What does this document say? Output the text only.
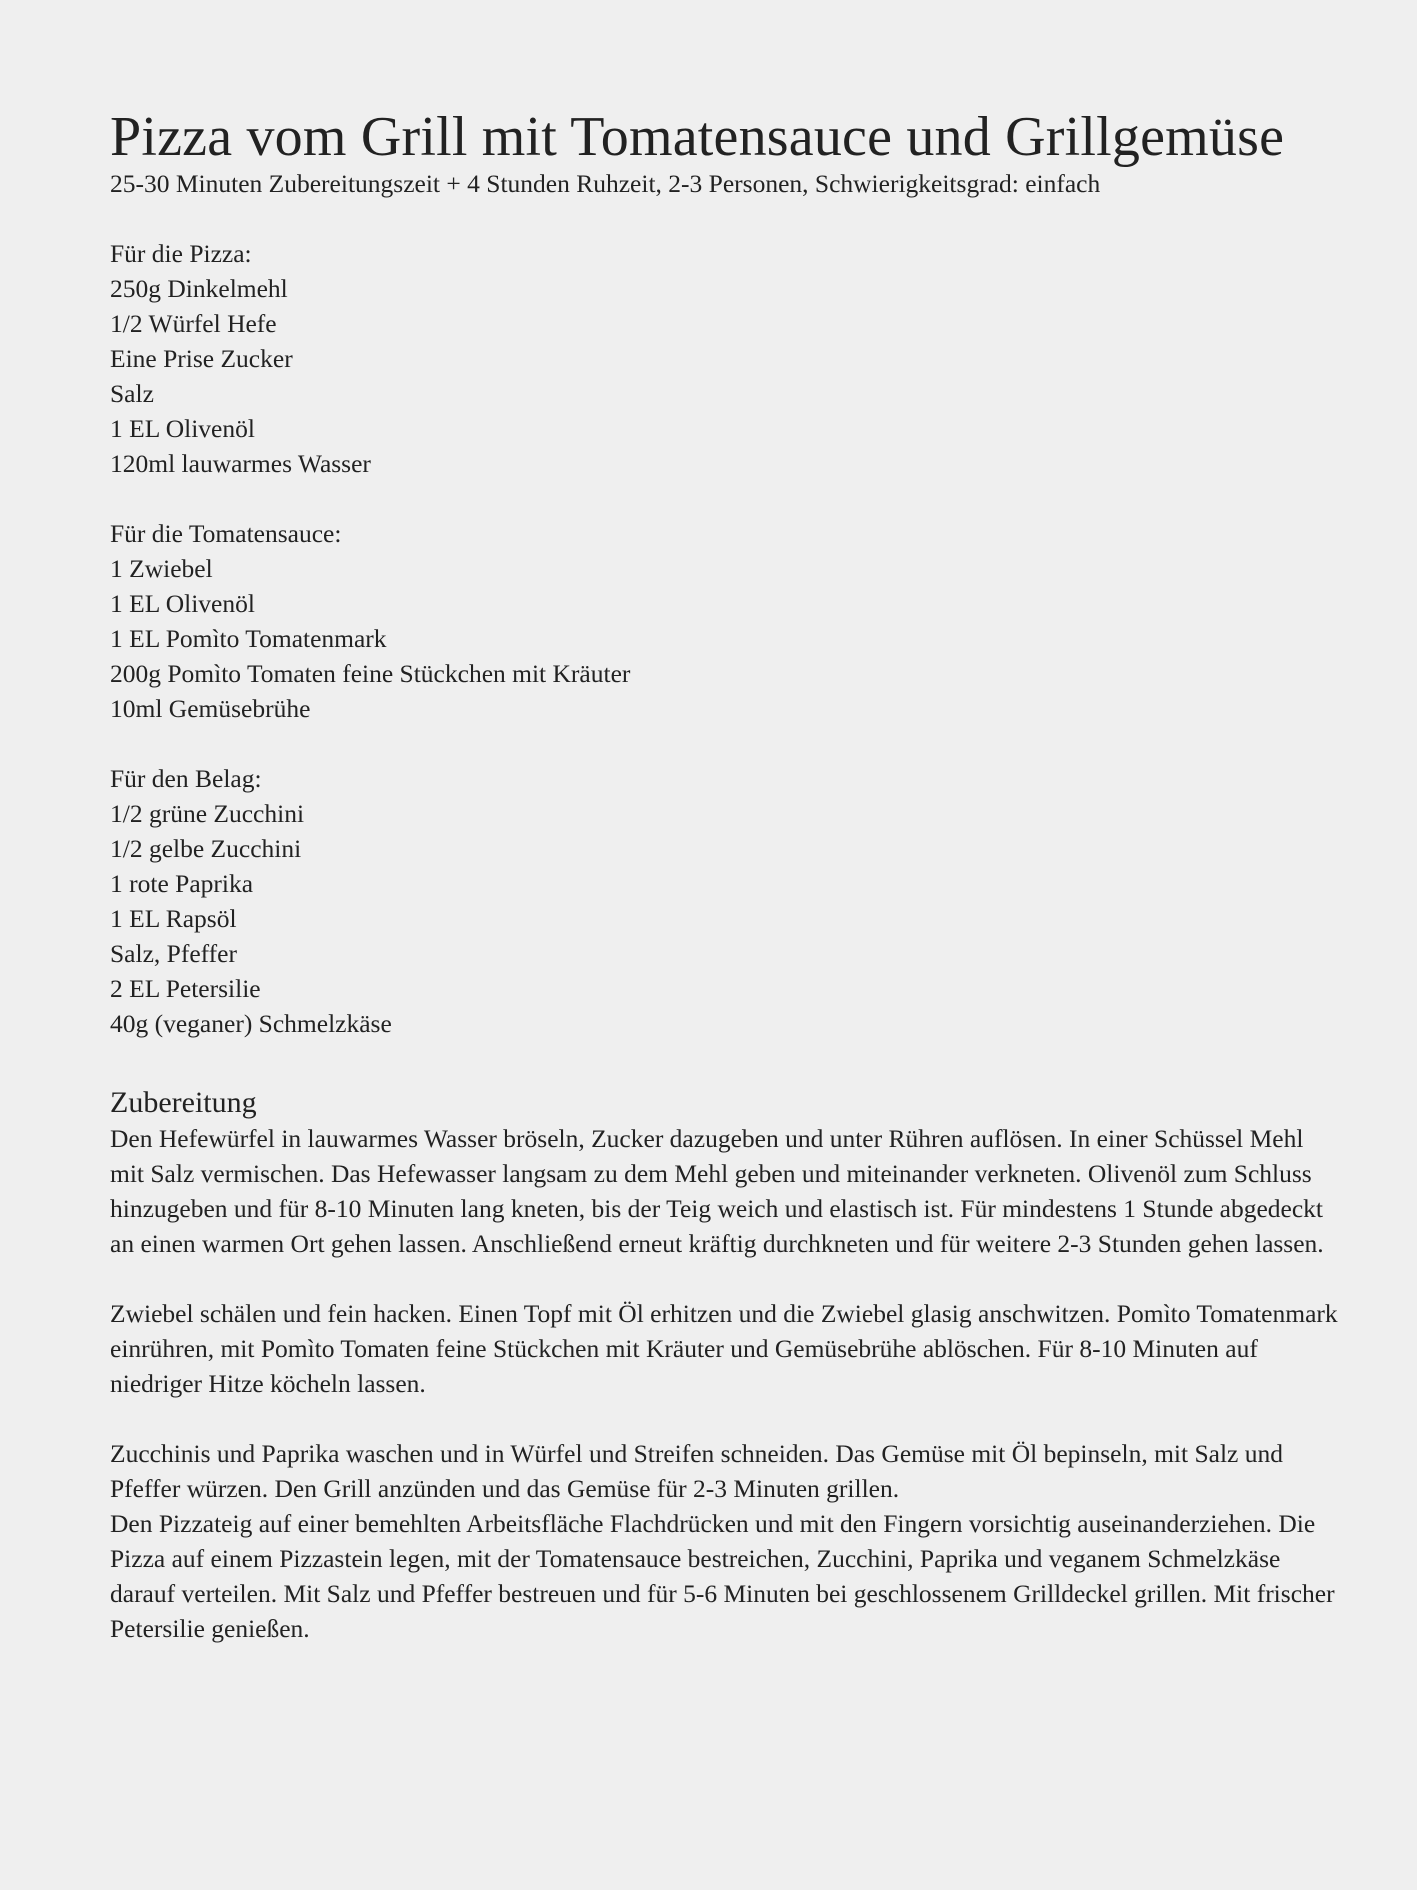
Pizza vom Grill mit Tomatensauce und Grillgemüse

25-30 Minuten Zubereitungszeit + 4 Stunden Ruhzeit, 2-3 Personen, Schwierigkeitsgrad: einfach

Für die Pizza:
250g Dinkelmehl
1/2 Würfel Hefe
Eine Prise Zucker
Salz
1 EL Olivenöl
120ml lauwarmes Wasser
Für die Tomatensauce:
1 Zwiebel
1 EL Olivenöl
1 EL Pomìto Tomatenmark
200g Pomìto Tomaten feine Stückchen mit Kräuter
10ml Gemüsebrühe
Für den Belag:
1/2 grüne Zucchini
1/2 gelbe Zucchini
1 rote Paprika
1 EL Rapsöl
Salz, Pfeffer
2 EL Petersilie
40g (veganer) Schmelzkäse
Zubereitung

Den Hefewürfel in lauwarmes Wasser bröseln, Zucker dazugeben und unter Rühren auflösen. In einer Schüssel Mehl mit Salz vermischen. Das Hefewasser langsam zu dem Mehl geben und miteinander verkneten. Olivenöl zum Schluss hinzugeben und für 8-10 Minuten lang kneten, bis der Teig weich und elastisch ist. Für mindestens 1 Stunde abgedeckt an einen warmen Ort gehen lassen. Anschließend erneut kräftig durchkneten und für weitere 2-3 Stunden gehen lassen.

Zwiebel schälen und fein hacken. Einen Topf mit Öl erhitzen und die Zwiebel glasig anschwitzen. Pomìto Tomatenmark einrühren, mit Pomìto Tomaten feine Stückchen mit Kräuter und Gemüsebrühe ablöschen. Für 8-10 Minuten auf niedriger Hitze köcheln lassen.

Zucchinis und Paprika waschen und in Würfel und Streifen schneiden. Das Gemüse mit Öl bepinseln, mit Salz und Pfeffer würzen. Den Grill anzünden und das Gemüse für 2-3 Minuten grillen.

Den Pizzateig auf einer bemehlten Arbeitsfläche Flachdrücken und mit den Fingern vorsichtig auseinanderziehen. Die Pizza auf einem Pizzastein legen, mit der Tomatensauce bestreichen, Zucchini, Paprika und veganem Schmelzkäse darauf verteilen. Mit Salz und Pfeffer bestreuen und für 5-6 Minuten bei geschlossenem Grilldeckel grillen. Mit frischer Petersilie genießen.
